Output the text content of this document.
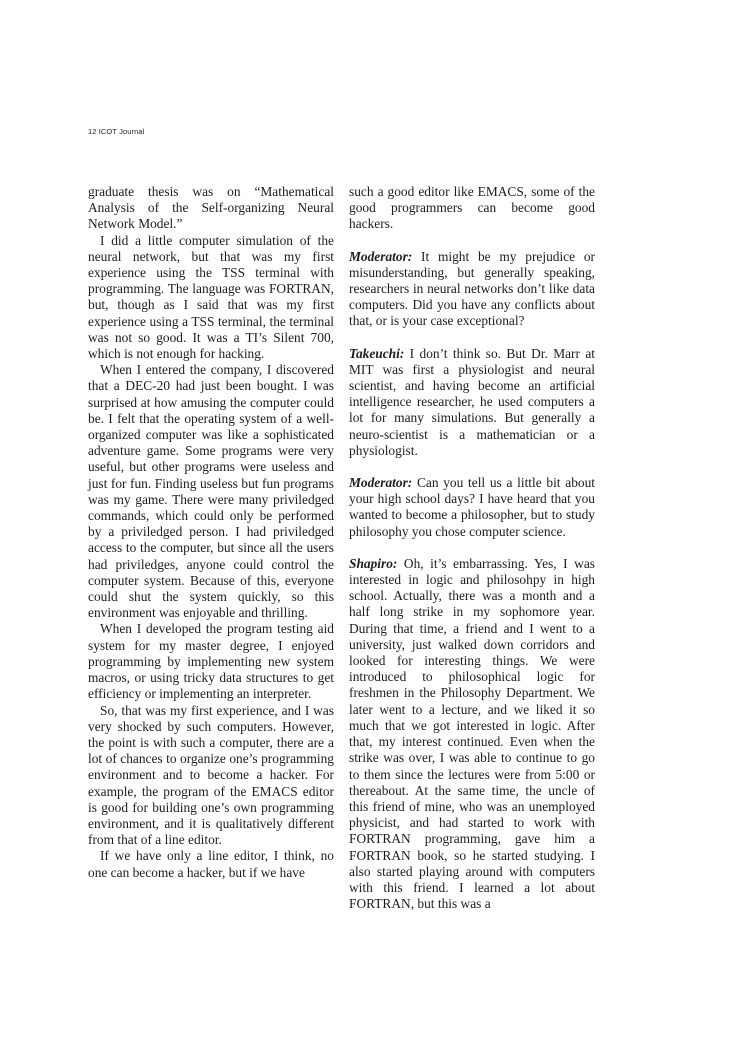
12 ICOT Journal

graduate thesis was on “Mathematical Analysis of the Self-organizing Neural Network Model.”

I did a little computer simulation of the neural network, but that was my first experience using the TSS terminal with programming. The language was FORTRAN, but, though as I said that was my first experience using a TSS terminal, the terminal was not so good. It was a TI’s Silent 700, which is not enough for hacking.

When I entered the company, I discovered that a DEC-20 had just been bought. I was surprised at how amusing the computer could be. I felt that the operating system of a well-organized computer was like a sophisticated adventure game. Some programs were very useful, but other programs were useless and just for fun. Finding useless but fun programs was my game. There were many priviledged commands, which could only be performed by a priviledged person. I had priviledged access to the computer, but since all the users had priviledges, anyone could control the computer system. Because of this, everyone could shut the system quickly, so this environment was enjoyable and thrilling.

When I developed the program testing aid system for my master degree, I enjoyed programming by implementing new system macros, or using tricky data structures to get efficiency or implementing an interpreter.

So, that was my first experience, and I was very shocked by such computers. However, the point is with such a computer, there are a lot of chances to organize one’s programming environment and to become a hacker. For example, the program of the EMACS editor is good for building one’s own programming environment, and it is qualitatively different from that of a line editor.

If we have only a line editor, I think, no one can become a hacker, but if we have

such a good editor like EMACS, some of the good programmers can become good hackers.

Moderator: It might be my prejudice or misunderstanding, but generally speaking, researchers in neural networks don’t like data computers. Did you have any conflicts about that, or is your case exceptional?

Takeuchi: I don’t think so. But Dr. Marr at MIT was first a physiologist and neural scientist, and having become an artificial intelligence researcher, he used computers a lot for many simulations. But generally a neuro-scientist is a mathematician or a physiologist.

Moderator: Can you tell us a little bit about your high school days? I have heard that you wanted to become a philosopher, but to study philosophy you chose computer science.

Shapiro: Oh, it’s embarrassing. Yes, I was interested in logic and philosohpy in high school. Actually, there was a month and a half long strike in my sophomore year. During that time, a friend and I went to a university, just walked down corridors and looked for interesting things. We were introduced to philosophical logic for freshmen in the Philosophy Department. We later went to a lecture, and we liked it so much that we got interested in logic. After that, my interest continued. Even when the strike was over, I was able to continue to go to them since the lectures were from 5:00 or thereabout. At the same time, the uncle of this friend of mine, who was an unemployed physicist, and had started to work with FORTRAN programming, gave him a FORTRAN book, so he started studying. I also started playing around with computers with this friend. I learned a lot about FORTRAN, but this was a
